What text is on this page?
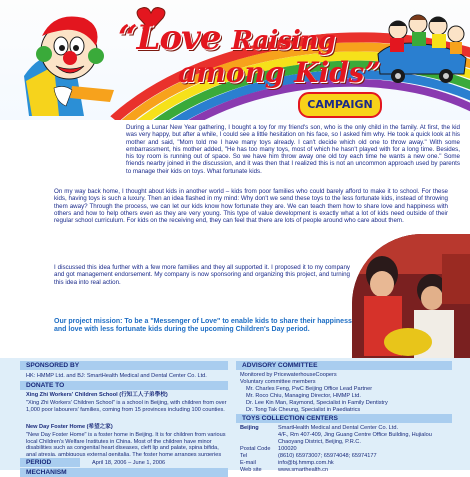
“Love Raising
among Kids”
CAMPAIGN

During a Lunar New Year gathering, I bought a toy for my friend's son, who is the only child in the family. At first, the kid was very happy, but after a while, I could see a little hesitation on his face, so I asked him why. He took a quick look at his mother and said, "Mom told me I have many toys already. I can't decide which old one to throw away." With some embarrassment, his mother added, "He has too many toys, most of which he hasn't played with for a long time. Besides, his toy room is running out of space. So we have him throw away one old toy each time he wants a new one." Some friends nearby joined in the discussion, and it was then that I realized this is not an uncommon approach used by parents to manage their kids on toys. What fortunate kids.

On my way back home, I thought about kids in another world – kids from poor families who could barely afford to make it to school. For these kids, having toys is such a luxury. Then an idea flashed in my mind: Why don't we send these toys to the less fortunate kids, instead of throwing them away? Through the process, we can let our kids know how fortunate they are. We can teach them how to share love and happiness with others and how to help others even as they are very young. This type of value development is exactly what a lot of kids need outside of their regular school curriculum. For kids on the receiving end, they can feel that there are lots of people around who care about them.

I discussed this idea further with a few more families and they all supported it. I proposed it to my company and got management endorsement. My company is now sponsoring and organizing this project, and turning this idea into real action.

Our project mission: To be a "Messenger of Love" to enable kids to share their happiness and love with less fortunate kids during the upcoming Children's Day period.
SPONSORED BY

HK: HMMP Ltd. and BJ: SmartHealth Medical and Dental Center Co. Ltd.

DONATE TO

Xing Zhi Workers' Children School (行知工人子弟學校)

"Xing Zhi Workers' Children School" is a school in Beijing, with children from over 1,000 poor labourers' families, coming from 15 provinces including 100 counties.

New Day Foster Home (希望之家)

"New Day Foster Home" is a foster home in Beijing. It is for children from various local Children's Welfare Institutes in China. Most of the children have minor disabilities such as congenital heart diseases, cleft lip and palate, spina bifida, anal atresia, ambiguous external genitalia. The foster home arranges surgeries

PERIOD	April 18, 2006 – June 1, 2006

MECHANISM
ADVISORY COMMITTEE

Monitored by PricewaterhouseCoopers

Voluntary committee members

Mr. Charles Feng, PwC Beijing Office Lead Partner

Mr. Roco Chiu, Managing Director, HMMP Ltd.

Dr. Lee Kin Man, Raymond, Specialist in Family Dentistry

Dr. Tong Tak Cheung, Specialist in Paediatrics

TOYS COLLECTION CENTERS

Beijing	SmartHealth Medical and Dental Center Co. Ltd.

4/F., Rm 407-409, Jing Guang Centre Office Building, Hujialou

Chaoyang District, Beijing, P.R.C.

Postal Code	100020

Tel	(8610) 65973007; 65974048; 65974177

E-mail	info@bj.hmmp.com.hk

Web site	www.smarthealth.cn
